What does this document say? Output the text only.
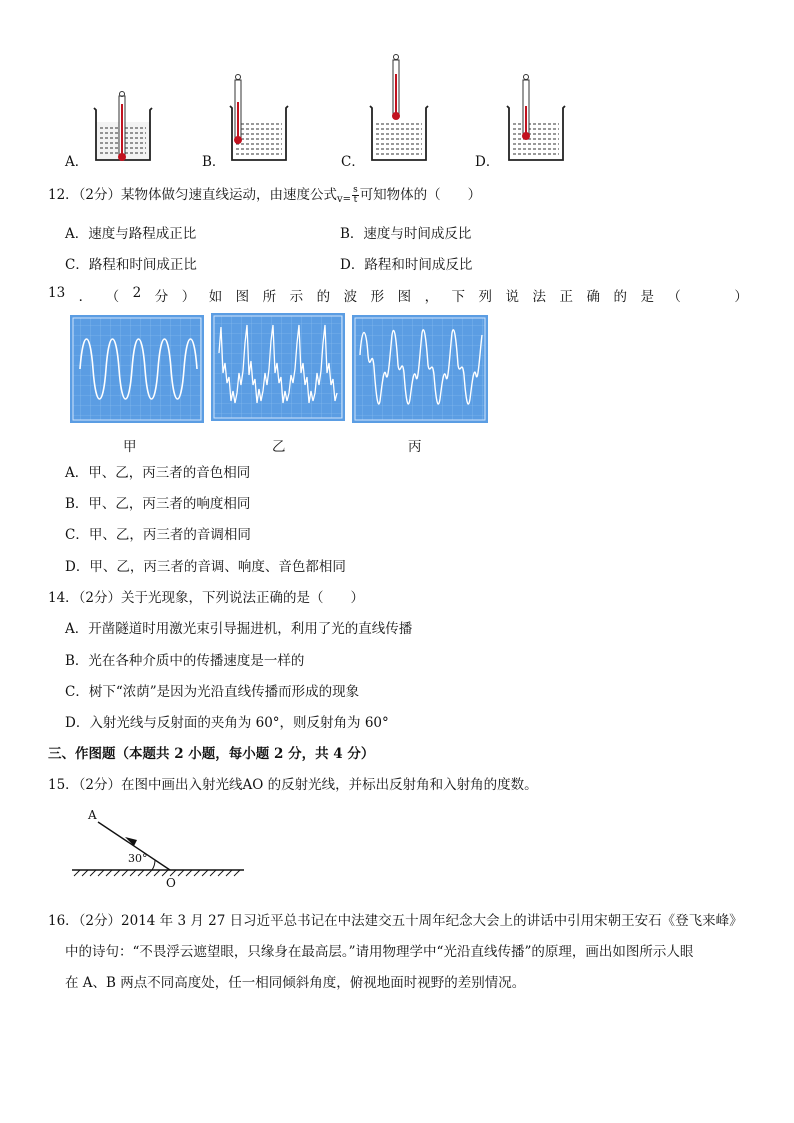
A．	B．	C．	D．
12．（2分）某物体做匀速直线运动，由速度公式$_{v=} \frac{s}{t}$ 可知物体的（　　）
A．速度与路程成正比	B．速度与时间成反比
C．路程和时间成正比	D．路程和时间成反比
13 ． （ 2 分 ） 如 图 所 示 的 波 形 图 ， 下 列 说 法 正 确 的 是 （	）
甲	乙	丙
A．甲、乙，丙三者的音色相同
B．甲、乙，丙三者的响度相同
C．甲、乙，丙三者的音调相同
D．甲、乙，丙三者的音调、响度、音色都相同
14．（2分）关于光现象，下列说法正确的是（　　）
A．开凿隧道时用激光束引导掘进机，利用了光的直线传播
B．光在各种介质中的传播速度是一样的
C．树下“浓荫”是因为光沿直线传播而形成的现象
D．入射光线与反射面的夹角为 60°，则反射角为 60°
三、作图题（本题共 2 小题，每小题 2 分，共 4 分）
15．（2分）在图中画出入射光线AO 的反射光线，并标出反射角和入射角的度数。
A
30°
O
16．（2分）2014 年 3 月 27 日习近平总书记在中法建交五十周年纪念大会上的讲话中引用宋朝王安石《登飞来峰》
中的诗句：“不畏浮云遮望眼，只缘身在最高层。”请用物理学中“光沿直线传播”的原理，画出如图所示人眼
在 A、B 两点不同高度处，任一相同倾斜角度，俯视地面时视野的差别情况。
